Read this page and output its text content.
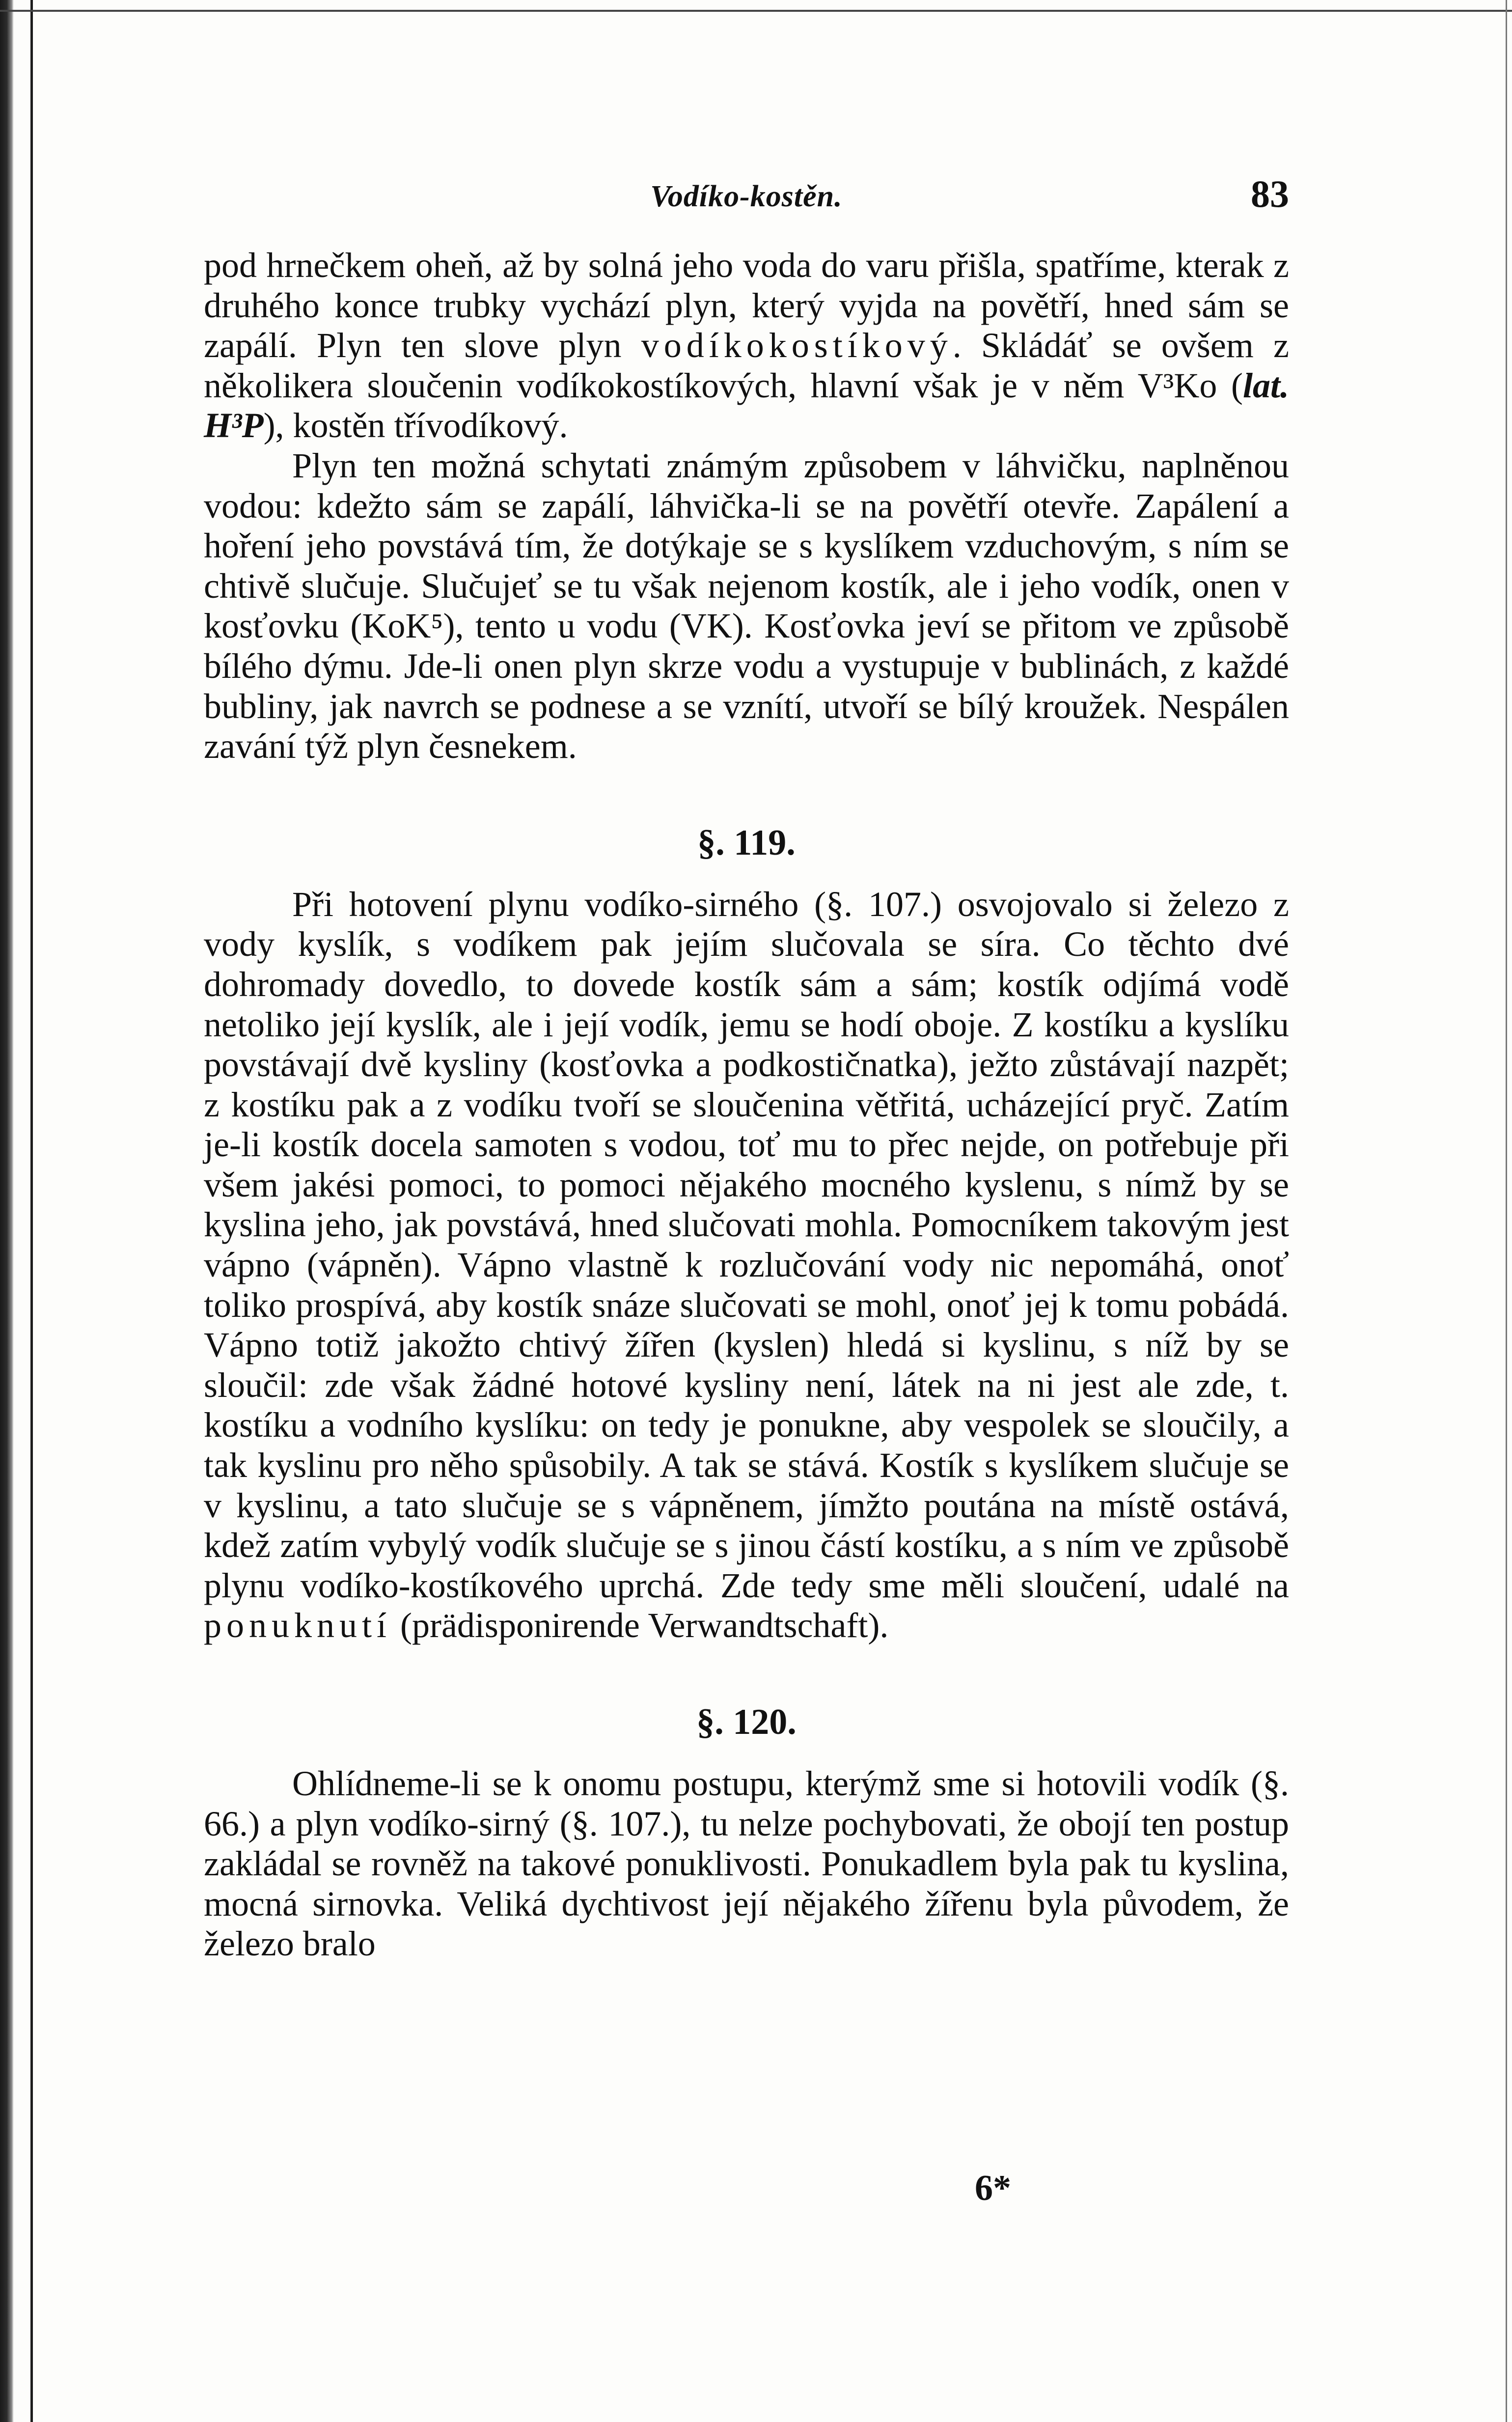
Vodíko-kostěn.	83

pod hrnečkem oheň, až by solná jeho voda do varu přišla, spatříme, kterak z druhého konce trubky vychází plyn, který vyjda na povětří, hned sám se zapálí. Plyn ten slove plyn vodíkokostíkový. Skládáť se ovšem z několikera sloučenin vodíkokostíkových, hlavní však je v něm V³Ko (lat. H³P), kostěn třívodíkový.

Plyn ten možná schytati známým způsobem v láhvičku, naplněnou vodou: kdežto sám se zapálí, láhvička-li se na povětří otevře. Zapálení a hoření jeho povstává tím, že dotýkaje se s kyslíkem vzduchovým, s ním se chtivě slučuje. Slučujeť se tu však nejenom kostík, ale i jeho vodík, onen v kosťovku (KoK⁵), tento u vodu (VK). Kosťovka jeví se přitom ve způsobě bílého dýmu. Jde-li onen plyn skrze vodu a vystupuje v bublinách, z každé bubliny, jak navrch se podnese a se vznítí, utvoří se bílý kroužek. Nespálen zavání týž plyn česnekem.

§. 119.

Při hotovení plynu vodíko-sirného (§. 107.) osvojovalo si železo z vody kyslík, s vodíkem pak jejím slučovala se síra. Co těchto dvé dohromady dovedlo, to dovede kostík sám a sám; kostík odjímá vodě netoliko její kyslík, ale i její vodík, jemu se hodí oboje. Z kostíku a kyslíku povstávají dvě kysliny (kosťovka a podkostičnatka), ježto zůstávají nazpět; z kostíku pak a z vodíku tvoří se sloučenina větřitá, ucházející pryč. Zatím je-li kostík docela samoten s vodou, toť mu to přec nejde, on potřebuje při všem jakési pomoci, to pomoci nějakého mocného kyslenu, s nímž by se kyslina jeho, jak povstává, hned slučovati mohla. Pomocníkem takovým jest vápno (vápněn). Vápno vlastně k rozlučování vody nic nepomáhá, onoť toliko prospívá, aby kostík snáze slučovati se mohl, onoť jej k tomu pobádá. Vápno totiž jakožto chtivý žířen (kyslen) hledá si kyslinu, s níž by se sloučil: zde však žádné hotové kysliny není, látek na ni jest ale zde, t. kostíku a vodního kyslíku: on tedy je ponukne, aby vespolek se sloučily, a tak kyslinu pro něho spůsobily. A tak se stává. Kostík s kyslíkem slučuje se v kyslinu, a tato slučuje se s vápněnem, jímžto poutána na místě ostává, kdež zatím vybylý vodík slučuje se s jinou částí kostíku, a s ním ve způsobě plynu vodíko-kostíkového uprchá. Zde tedy sme měli sloučení, udalé na ponuknutí (prädisponirende Verwandtschaft).

§. 120.

Ohlídneme-li se k onomu postupu, kterýmž sme si hotovili vodík (§. 66.) a plyn vodíko-sirný (§. 107.), tu nelze pochybovati, že obojí ten postup zakládal se rovněž na takové ponuklivosti. Ponukadlem byla pak tu kyslina, mocná sirnovka. Veliká dychtivost její nějakého žířenu byla původem, že železo bralo

6*
